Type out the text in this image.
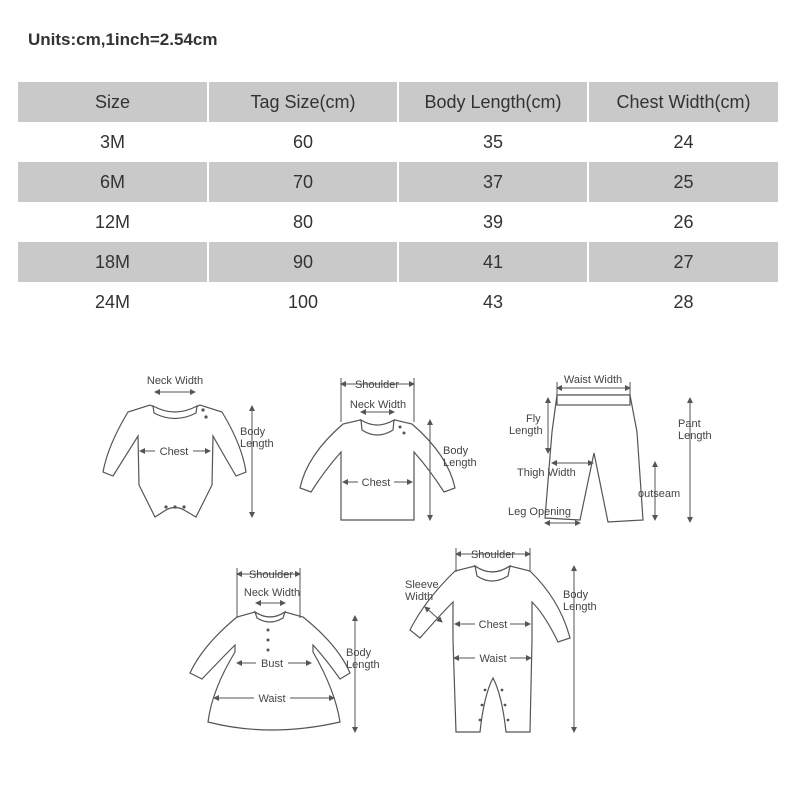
Units:cm,1inch=2.54cm
Size	Tag Size(cm)	Body Length(cm)	Chest Width(cm)
3M	60	35	24
6M	70	37	25
12M	80	39	26
18M	90	41	27
24M	100	43	28
Neck Width
Chest
Body
Length
Shoulder
Neck Width
Chest
Body
Length
Waist Width
Fly
Length
Pant
Length
Thigh Width
outseam
Leg Opening
Shoulder
Neck Width
Bust
Waist
Body
Length
Shoulder
Sleeve
Width
Chest
Waist
Body
Length
